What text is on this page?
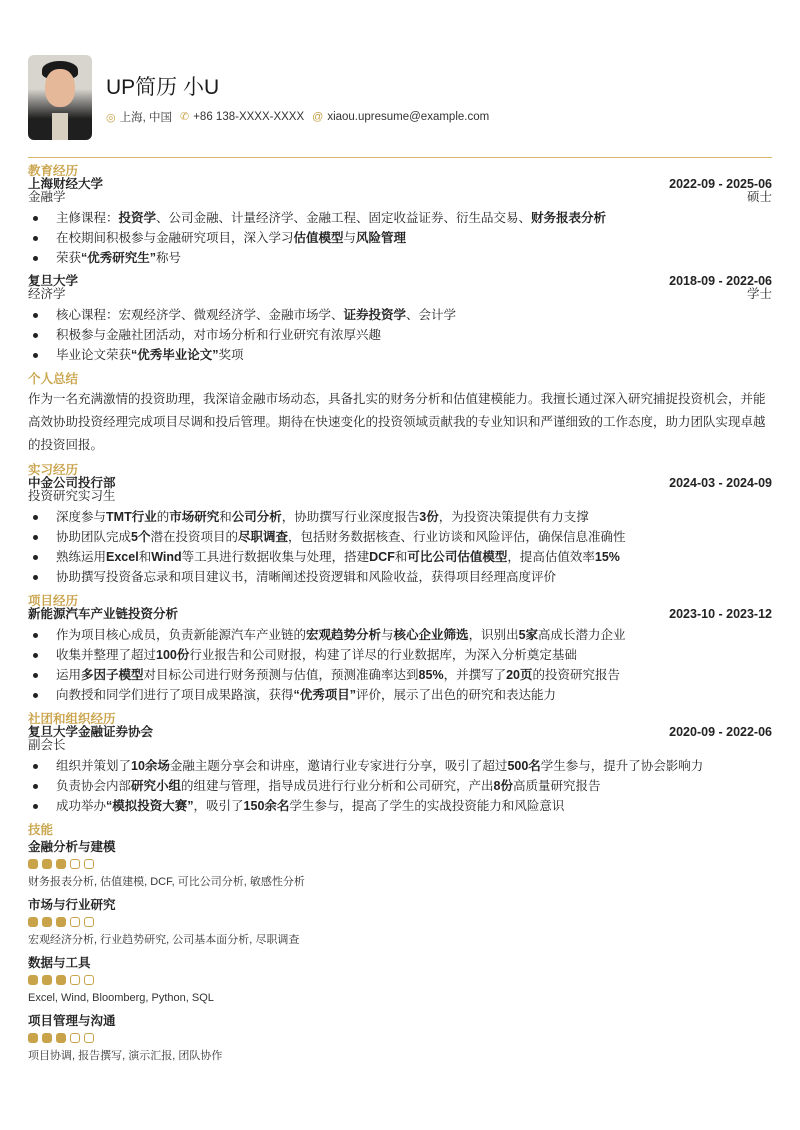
UP简历 小U
◎ 上海, 中国 ✆ +86 138-XXXX-XXXX @ xiaou.upresume@example.com
教育经历
上海财经大学	2022-09 - 2025-06
金融学	硕士
主修课程：投资学、公司金融、计量经济学、金融工程、固定收益证券、衍生品交易、财务报表分析
在校期间积极参与金融研究项目，深入学习估值模型与风险管理
荣获“优秀研究生”称号
复旦大学	2018-09 - 2022-06
经济学	学士
核心课程：宏观经济学、微观经济学、金融市场学、证券投资学、会计学
积极参与金融社团活动，对市场分析和行业研究有浓厚兴趣
毕业论文荣获“优秀毕业论文”奖项
个人总结
作为一名充满激情的投资助理，我深谙金融市场动态，具备扎实的财务分析和估值建模能力。我擅长通过深入研究捕捉投资机会，并能高效协助投资经理完成项目尽调和投后管理。期待在快速变化的投资领域贡献我的专业知识和严谨细致的工作态度，助力团队实现卓越的投资回报。
实习经历
中金公司投行部	2024-03 - 2024-09
投资研究实习生
深度参与TMT行业的市场研究和公司分析，协助撰写行业深度报告3份，为投资决策提供有力支撑
协助团队完成5个潜在投资项目的尽职调查，包括财务数据核查、行业访谈和风险评估，确保信息准确性
熟练运用Excel和Wind等工具进行数据收集与处理，搭建DCF和可比公司估值模型，提高估值效率15%
协助撰写投资备忘录和项目建议书，清晰阐述投资逻辑和风险收益，获得项目经理高度评价
项目经历
新能源汽车产业链投资分析	2023-10 - 2023-12
作为项目核心成员，负责新能源汽车产业链的宏观趋势分析与核心企业筛选，识别出5家高成长潜力企业
收集并整理了超过100份行业报告和公司财报，构建了详尽的行业数据库，为深入分析奠定基础
运用多因子模型对目标公司进行财务预测与估值，预测准确率达到85%，并撰写了20页的投资研究报告
向教授和同学们进行了项目成果路演，获得“优秀项目”评价，展示了出色的研究和表达能力
社团和组织经历
复旦大学金融证券协会	2020-09 - 2022-06
副会长
组织并策划了10余场金融主题分享会和讲座，邀请行业专家进行分享，吸引了超过500名学生参与，提升了协会影响力
负责协会内部研究小组的组建与管理，指导成员进行行业分析和公司研究，产出8份高质量研究报告
成功举办“模拟投资大赛”，吸引了150余名学生参与，提高了学生的实战投资能力和风险意识
技能
金融分析与建模
财务报表分析, 估值建模, DCF, 可比公司分析, 敏感性分析
市场与行业研究
宏观经济分析, 行业趋势研究, 公司基本面分析, 尽职调查
数据与工具
Excel, Wind, Bloomberg, Python, SQL
项目管理与沟通
项目协调, 报告撰写, 演示汇报, 团队协作
